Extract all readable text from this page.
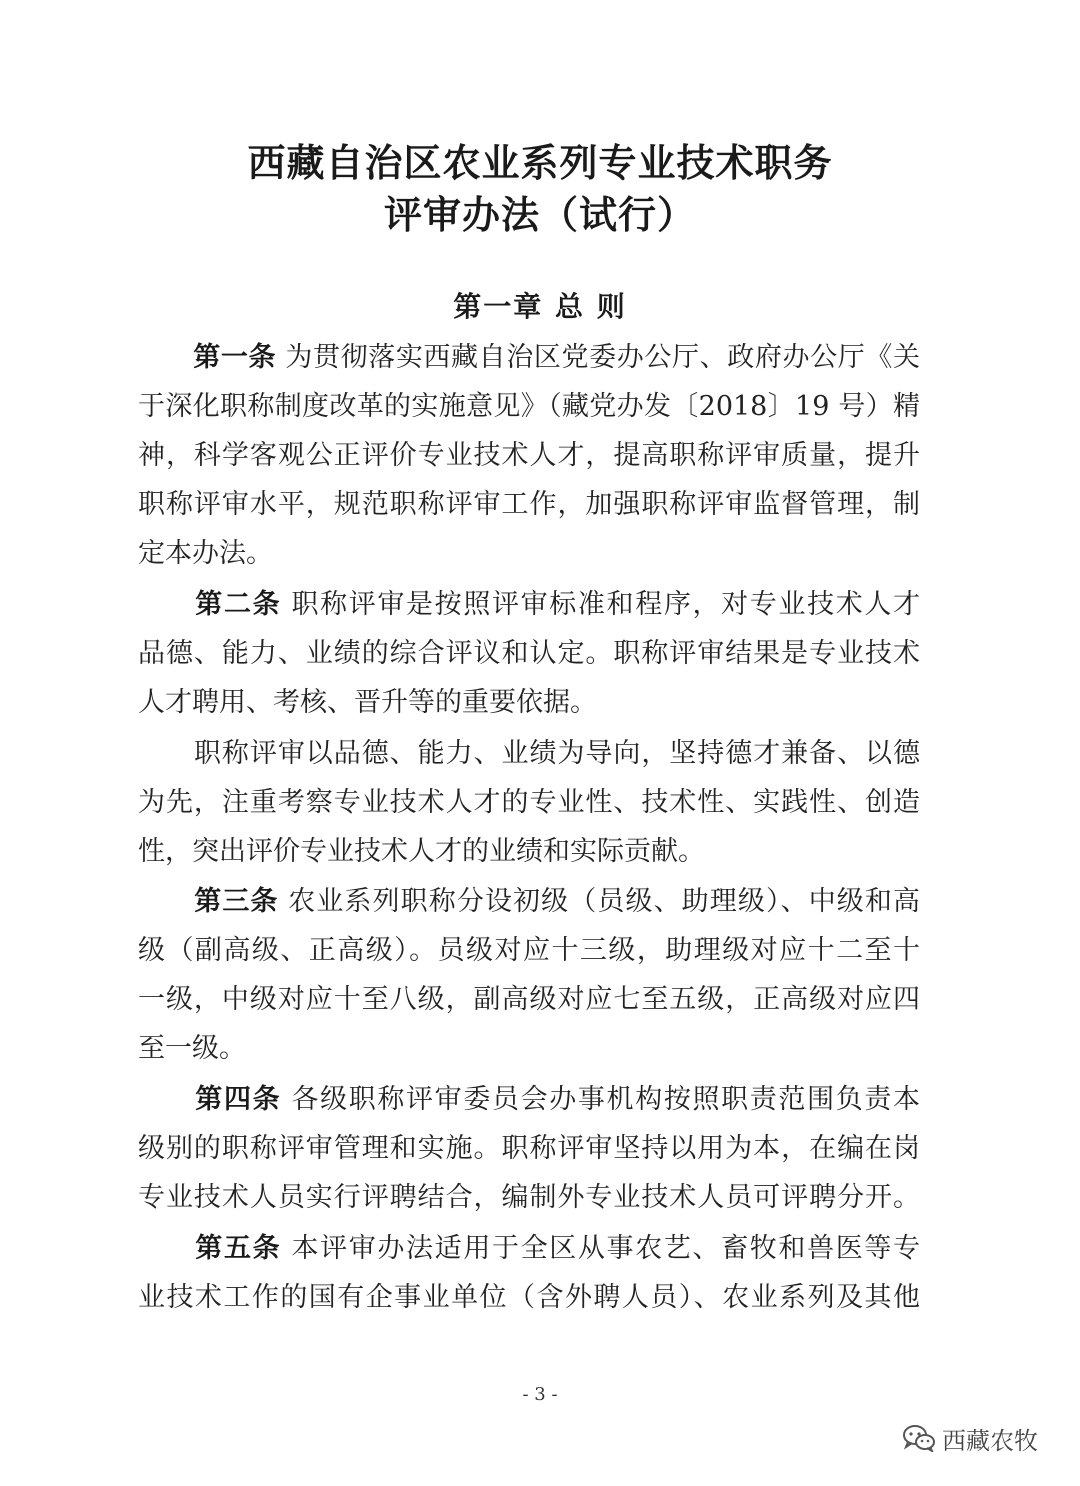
西藏自治区农业系列专业技术职务
评审办法（试行）
第一章 总 则
　　第一条 为贯彻落实西藏自治区党委办公厅、政府办公厅《关
于深化职称制度改革的实施意见》（藏党办发〔2018〕19 号）精
神，科学客观公正评价专业技术人才，提高职称评审质量，提升
职称评审水平，规范职称评审工作，加强职称评审监督管理，制
定本办法。
　　第二条 职称评审是按照评审标准和程序，对专业技术人才
品德、能力、业绩的综合评议和认定。职称评审结果是专业技术
人才聘用、考核、晋升等的重要依据。
　　职称评审以品德、能力、业绩为导向，坚持德才兼备、以德
为先，注重考察专业技术人才的专业性、技术性、实践性、创造
性，突出评价专业技术人才的业绩和实际贡献。
　　第三条 农业系列职称分设初级（员级、助理级）、中级和高
级（副高级、正高级）。员级对应十三级，助理级对应十二至十
一级，中级对应十至八级，副高级对应七至五级，正高级对应四
至一级。
　　第四条 各级职称评审委员会办事机构按照职责范围负责本
级别的职称评审管理和实施。职称评审坚持以用为本，在编在岗
专业技术人员实行评聘结合，编制外专业技术人员可评聘分开。
　　第五条 本评审办法适用于全区从事农艺、畜牧和兽医等专
业技术工作的国有企事业单位（含外聘人员）、农业系列及其他
- 3 -
西藏农牧
